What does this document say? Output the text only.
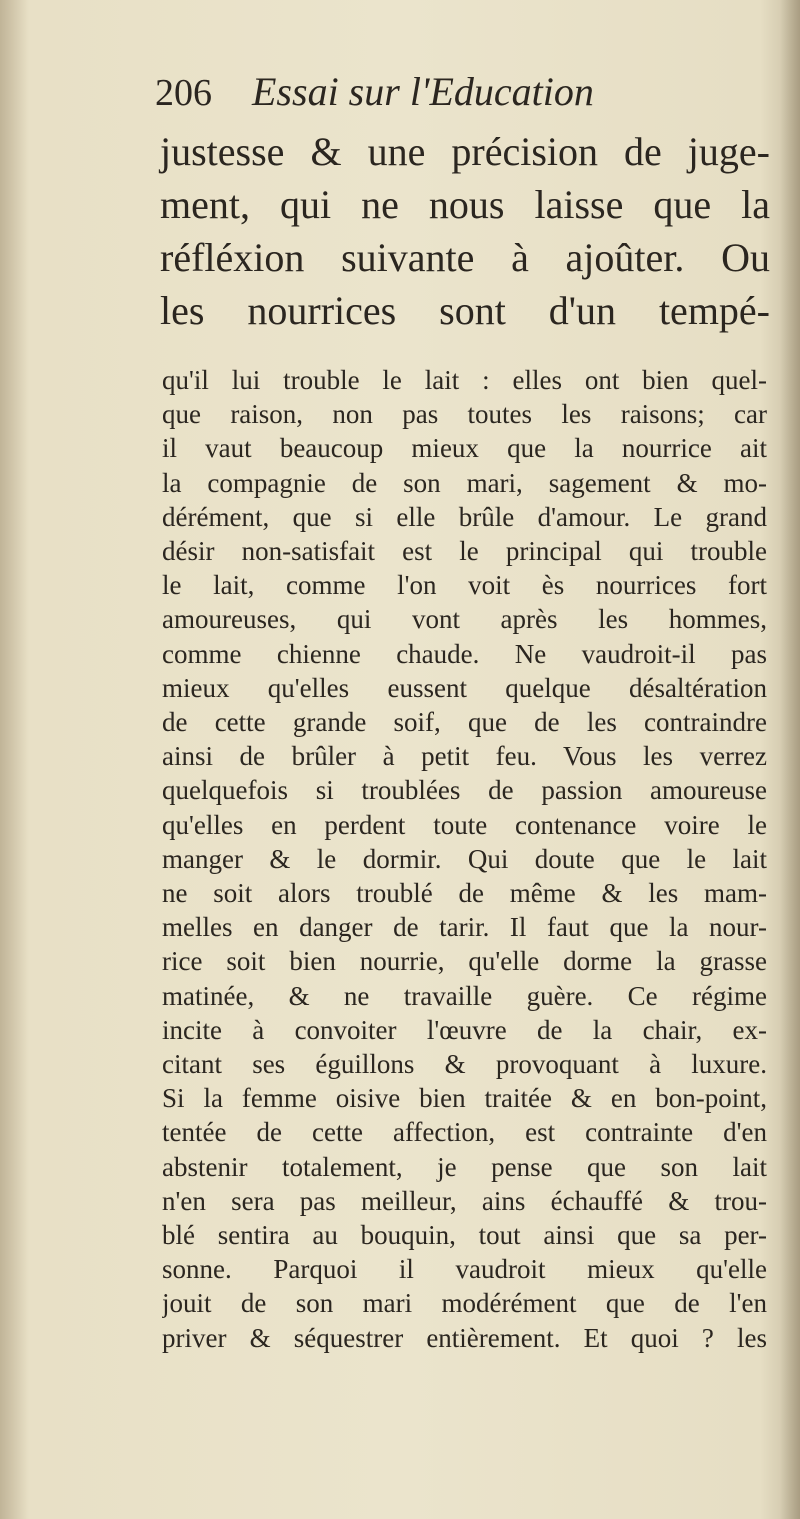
206 Essai sur l'Education
justesse & une précision de juge-
ment, qui ne nous laisse que la
réfléxion suivante à ajoûter. Ou
les nourrices sont d'un tempé-
qu'il lui trouble le lait : elles ont bien quel-
que raison, non pas toutes les raisons; car
il vaut beaucoup mieux que la nourrice ait
la compagnie de son mari, sagement & mo-
dérément, que si elle brûle d'amour. Le grand
désir non-satisfait est le principal qui trouble
le lait, comme l'on voit ès nourrices fort
amoureuses, qui vont après les hommes,
comme chienne chaude. Ne vaudroit-il pas
mieux qu'elles eussent quelque désaltération
de cette grande soif, que de les contraindre
ainsi de brûler à petit feu. Vous les verrez
quelquefois si troublées de passion amoureuse
qu'elles en perdent toute contenance voire le
manger & le dormir. Qui doute que le lait
ne soit alors troublé de même & les mam-
melles en danger de tarir. Il faut que la nour-
rice soit bien nourrie, qu'elle dorme la grasse
matinée, & ne travaille guère. Ce régime
incite à convoiter l'œuvre de la chair, ex-
citant ses éguillons & provoquant à luxure.
Si la femme oisive bien traitée & en bon-point,
tentée de cette affection, est contrainte d'en
abstenir totalement, je pense que son lait
n'en sera pas meilleur, ains échauffé & trou-
blé sentira au bouquin, tout ainsi que sa per-
sonne. Parquoi il vaudroit mieux qu'elle
jouit de son mari modérément que de l'en
priver & séquestrer entièrement. Et quoi ? les
